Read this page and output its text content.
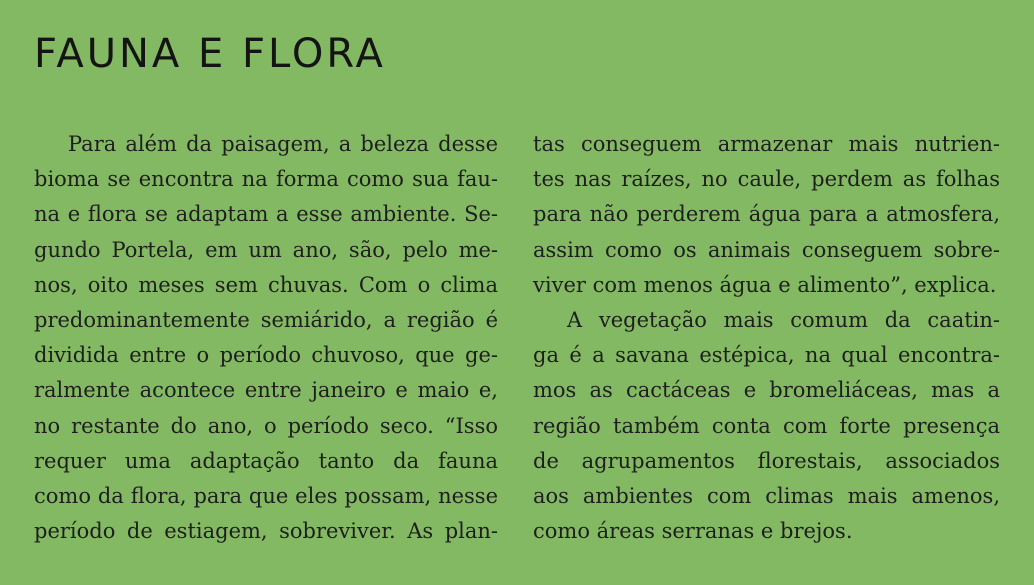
FAUNA E FLORA
Para além da paisagem, a beleza desse
bioma se encontra na forma como sua fau-
na e flora se adaptam a esse ambiente. Se-
gundo Portela, em um ano, são, pelo me-
nos, oito meses sem chuvas. Com o clima
predominantemente semiárido, a região é
dividida entre o período chuvoso, que ge-
ralmente acontece entre janeiro e maio e,
no restante do ano, o período seco. “Isso
requer uma adaptação tanto da fauna
como da flora, para que eles possam, nesse
período de estiagem, sobreviver. As plan-
tas conseguem armazenar mais nutrien-
tes nas raízes, no caule, perdem as folhas
para não perderem água para a atmosfera,
assim como os animais conseguem sobre-
viver com menos água e alimento”, explica.
A vegetação mais comum da caatin-
ga é a savana estépica, na qual encontra-
mos as cactáceas e bromeliáceas, mas a
região também conta com forte presença
de agrupamentos florestais, associados
aos ambientes com climas mais amenos,
como áreas serranas e brejos.
